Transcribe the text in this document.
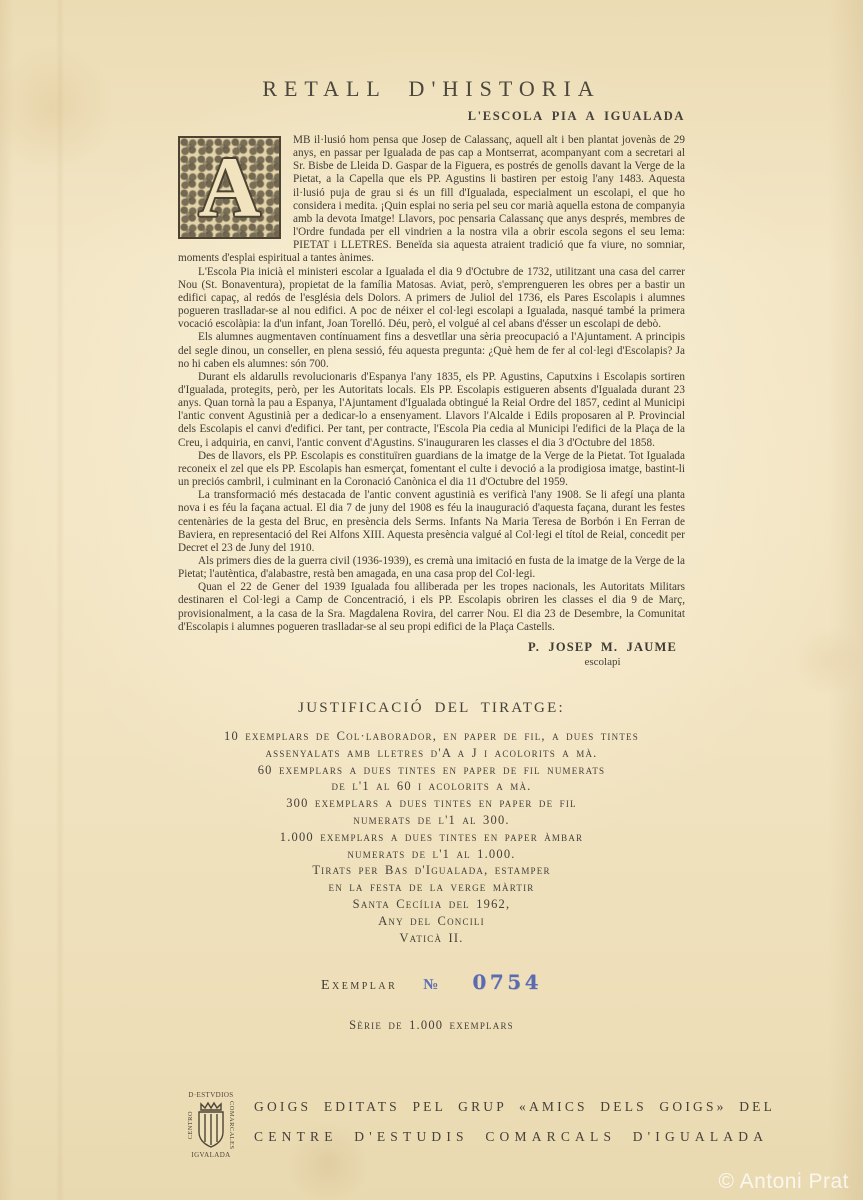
RETALL D'HISTORIA
L'ESCOLA PIA A IGUALADA
A	MB il·lusió hom pensa que Josep de Calassanç, aquell alt i ben plantat jovenàs de 29 anys, en passar per Igualada de pas cap a Montserrat, acompanyant com a secretari al Sr. Bisbe de Lleida D. Gaspar de la Figuera, es postrés de genolls davant la Verge de la Pietat, a la Capella que els PP. Agustins li bastiren per estoig l'any 1483. Aquesta il·lusió puja de grau si és un fill d'Igualada, especialment un escolapi, el que ho considera i medita. ¡Quin esplai no seria pel seu cor marià aquella estona de companyia amb la devota Imatge! Llavors, poc pensaria Calassanç que anys després, membres de l'Ordre fundada per ell vindrien a la nostra vila a obrir escola segons el seu lema: PIETAT i LLETRES. Beneïda sia aquesta atraient tradició que fa viure, no somniar, moments d'esplai espiritual a tantes ànimes.

L'Escola Pia inicià el ministeri escolar a Igualada el dia 9 d'Octubre de 1732, utilitzant una casa del carrer Nou (St. Bonaventura), propietat de la família Matosas. Aviat, però, s'emprengueren les obres per a bastir un edifici capaç, al redós de l'església dels Dolors. A primers de Juliol del 1736, els Pares Escolapis i alumnes pogueren traslladar-se al nou edifici. A poc de néixer el col·legi escolapi a Igualada, nasqué també la primera vocació escolàpia: la d'un infant, Joan Torelló. Déu, però, el volgué al cel abans d'ésser un escolapi de debò.

Els alumnes augmentaven contínuament fins a desvetllar una sèria preocupació a l'Ajuntament. A principis del segle dinou, un conseller, en plena sessió, féu aquesta pregunta: ¿Què hem de fer al col·legi d'Escolapis? Ja no hi caben els alumnes: són 700.

Durant els aldarulls revolucionaris d'Espanya l'any 1835, els PP. Agustins, Caputxins i Escolapis sortiren d'Igualada, protegits, però, per les Autoritats locals. Els PP. Escolapis estigueren absents d'Igualada durant 23 anys. Quan tornà la pau a Espanya, l'Ajuntament d'Igualada obtingué la Reial Ordre del 1857, cedint al Municipi l'antic convent Agustinià per a dedicar-lo a ensenyament. Llavors l'Alcalde i Edils proposaren al P. Provincial dels Escolapis el canvi d'edifici. Per tant, per contracte, l'Escola Pia cedia al Municipi l'edifici de la Plaça de la Creu, i adquiria, en canvi, l'antic convent d'Agustins. S'inauguraren les classes el dia 3 d'Octubre del 1858.

Des de llavors, els PP. Escolapis es constituïren guardians de la imatge de la Verge de la Pietat. Tot Igualada reconeix el zel que els PP. Escolapis han esmerçat, fomentant el culte i devoció a la prodigiosa imatge, bastint-li un preciós cambril, i culminant en la Coronació Canònica el dia 11 d'Octubre del 1959.

La transformació més destacada de l'antic convent agustinià es verificà l'any 1908. Se li afegí una planta nova i es féu la façana actual. El dia 7 de juny del 1908 es féu la inauguració d'aquesta façana, durant les festes centenàries de la gesta del Bruc, en presència dels Serms. Infants Na Maria Teresa de Borbón i En Ferran de Baviera, en representació del Rei Alfons XIII. Aquesta presència valgué al Col·legi el títol de Reial, concedit per Decret el 23 de Juny del 1910.

Als primers dies de la guerra civil (1936-1939), es cremà una imitació en fusta de la imatge de la Verge de la Pietat; l'autèntica, d'alabastre, restà ben amagada, en una casa prop del Col·legi.

Quan el 22 de Gener del 1939 Igualada fou alliberada per les tropes nacionals, les Autoritats Militars destinaren el Col·legi a Camp de Concentració, i els PP. Escolapis obriren les classes el dia 9 de Març, provisionalment, a la casa de la Sra. Magdalena Rovira, del carrer Nou. El dia 23 de Desembre, la Comunitat d'Escolapis i alumnes pogueren traslladar-se al seu propi edifici de la Plaça Castells.

P. JOSEP M. JAUME
escolapi
JUSTIFICACIÓ DEL TIRATGE:
10 exemplars de Col·laborador, en paper de fil, a dues tintes
assenyalats amb lletres d'A a J i acolorits a mà.
60 exemplars a dues tintes en paper de fil numerats
de l'1 al 60 i acolorits a mà.
300 exemplars a dues tintes en paper de fil
numerats de l'1 al 300.
1.000 exemplars a dues tintes en paper àmbar
numerats de l'1 al 1.000.
Tirats per Bas d'Igualada, estamper
en la festa de la verge màrtir
Santa Cecília del 1962,
Any del Concili
Vaticà II.
Exemplar № 0754
Sèrie de 1.000 exemplars
D·ESTVDIOS
CENTRO	COMARCALES
IGVALADA
GOIGS EDITATS PEL GRUP «AMICS DELS GOIGS» DEL
CENTRE D'ESTUDIS COMARCALS D'IGUALADA
© Antoni Prat
